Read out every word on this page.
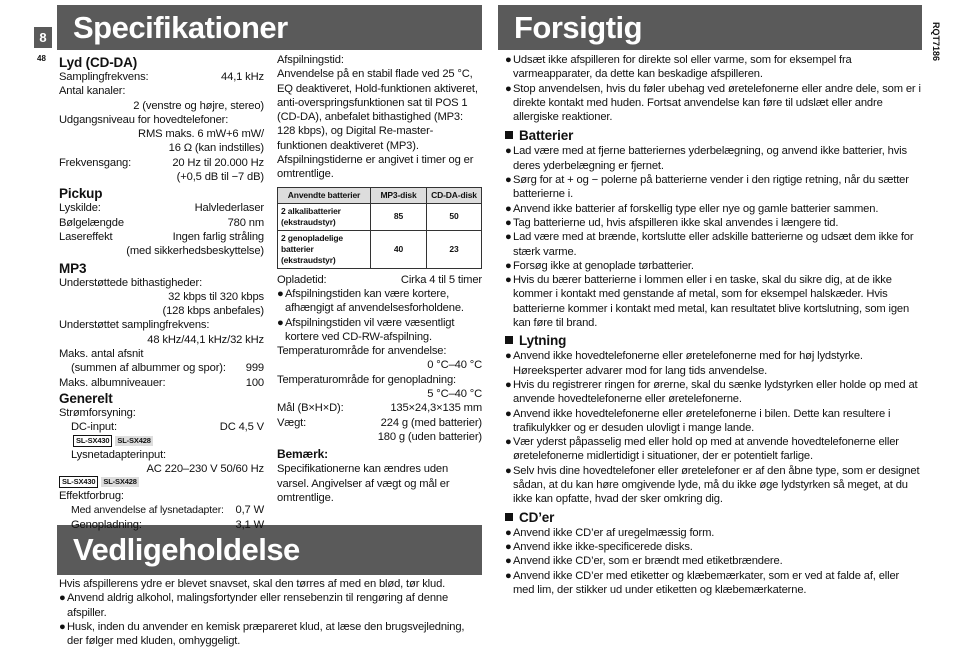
8
48
Specifikationer
Vedligeholdelse
Forsigtig	RQT7186
Lyd (CD-DA)
Samplingfrekvens:	44,1 kHz
Antal kanaler:
2 (venstre og højre, stereo)
Udgangsniveau for hovedtelefoner:
RMS maks. 6 mW+6 mW/
16 Ω (kan indstilles)
Frekvensgang:	20 Hz til 20.000 Hz
(+0,5 dB til −7 dB)
Pickup
Lyskilde:	Halvlederlaser
Bølgelængde	780 nm
Lasereffekt	Ingen farlig stråling
(med sikkerhedsbeskyttelse)
MP3
Understøttede bithastigheder:
32 kbps til 320 kbps
(128 kbps anbefales)
Understøttet samplingfrekvens:
48 kHz/44,1 kHz/32 kHz
Maks. antal afsnit
(summen af albummer og spor): 999
Maks. albumniveauer:	100
Generelt
Strømforsyning:
DC-input:	DC 4,5 V
SL-SX430 SL-SX428
Lysnetadapterinput:
AC 220–230 V 50/60 Hz
SL-SX430 SL-SX428
Effektforbrug:
Med anvendelse af lysnetadapter: 0,7 W
Genopladning:	3,1 W
Afspilningstid:
Anvendelse på en stabil flade ved 25 °C, EQ deaktiveret, Hold-funktionen aktiveret, anti-overspringsfunktionen sat til POS 1 (CD-DA), anbefalet bithastighed (MP3: 128 kbps), og Digital Re-master-funktionen deaktiveret (MP3). Afspilningstiderne er angivet i timer og er omtrentlige.
Anvendte batterier	MP3-disk	CD-DA-disk
2 alkalibatterier (ekstraudstyr)	85	50
2 genopladelige batterier (ekstraudstyr)	40	23
Opladetid:	Cirka 4 til 5 timer
● Afspilningstiden kan være kortere, afhængigt af anvendelsesforholdene.
● Afspilningstiden vil være væsentligt kortere ved CD-RW-afspilning.
Temperaturområde for anvendelse:
0 °C–40 °C
Temperaturområde for genopladning:
5 °C–40 °C
Mål (B×H×D):	135×24,3×135 mm
Vægt:	224 g (med batterier)
180 g (uden batterier)
Bemærk:
Specifikationerne kan ændres uden varsel. Angivelser af vægt og mål er omtrentlige.
Hvis afspillerens ydre er blevet snavset, skal den tørres af med en blød, tør klud.
● Anvend aldrig alkohol, malingsfortynder eller rensebenzin til rengøring af denne afspiller.
● Husk, inden du anvender en kemisk præpareret klud, at læse den brugsvejledning, der følger med kluden, omhyggeligt.
● Udsæt ikke afspilleren for direkte sol eller varme, som for eksempel fra varmeapparater, da dette kan beskadige afspilleren.
● Stop anvendelsen, hvis du føler ubehag ved øretelefonerne eller andre dele, som er i direkte kontakt med huden. Fortsat anvendelse kan føre til udslæt eller andre allergiske reaktioner.
Batterier
● Lad være med at fjerne batteriernes yderbelægning, og anvend ikke batterier, hvis deres yderbelægning er fjernet.
● Sørg for at + og − polerne på batterierne vender i den rigtige retning, når du sætter batterierne i.
● Anvend ikke batterier af forskellig type eller nye og gamle batterier sammen.
● Tag batterierne ud, hvis afspilleren ikke skal anvendes i længere tid.
● Lad være med at brænde, kortslutte eller adskille batterierne og udsæt dem ikke for stærk varme.
● Forsøg ikke at genoplade tørbatterier.
● Hvis du bærer batterierne i lommen eller i en taske, skal du sikre dig, at de ikke kommer i kontakt med genstande af metal, som for eksempel halskæder. Hvis batterierne kommer i kontakt med metal, kan resultatet blive kortslutning, som igen kan føre til brand.
Lytning
● Anvend ikke hovedtelefonerne eller øretelefonerne med for høj lydstyrke. Høreeksperter advarer mod for lang tids anvendelse.
● Hvis du registrerer ringen for ørerne, skal du sænke lydstyrken eller holde op med at anvende hovedtelefonerne eller øretelefonerne.
● Anvend ikke hovedtelefonerne eller øretelefonerne i bilen. Dette kan resultere i trafikulykker og er desuden ulovligt i mange lande.
● Vær yderst påpasselig med eller hold op med at anvende hovedtelefonerne eller øretelefonerne midlertidigt i situationer, der er potentielt farlige.
● Selv hvis dine hovedtelefoner eller øretelefoner er af den åbne type, som er designet sådan, at du kan høre omgivende lyde, må du ikke øge lydstyrken så meget, at du ikke kan opfatte, hvad der sker omkring dig.
CD’er
● Anvend ikke CD’er af uregelmæssig form.
● Anvend ikke ikke-specificerede disks.
● Anvend ikke CD’er, som er brændt med etiketbrændere.
● Anvend ikke CD’er med etiketter og klæbemærkater, som er ved at falde af, eller med lim, der stikker ud under etiketten og klæbemærkaterne.
